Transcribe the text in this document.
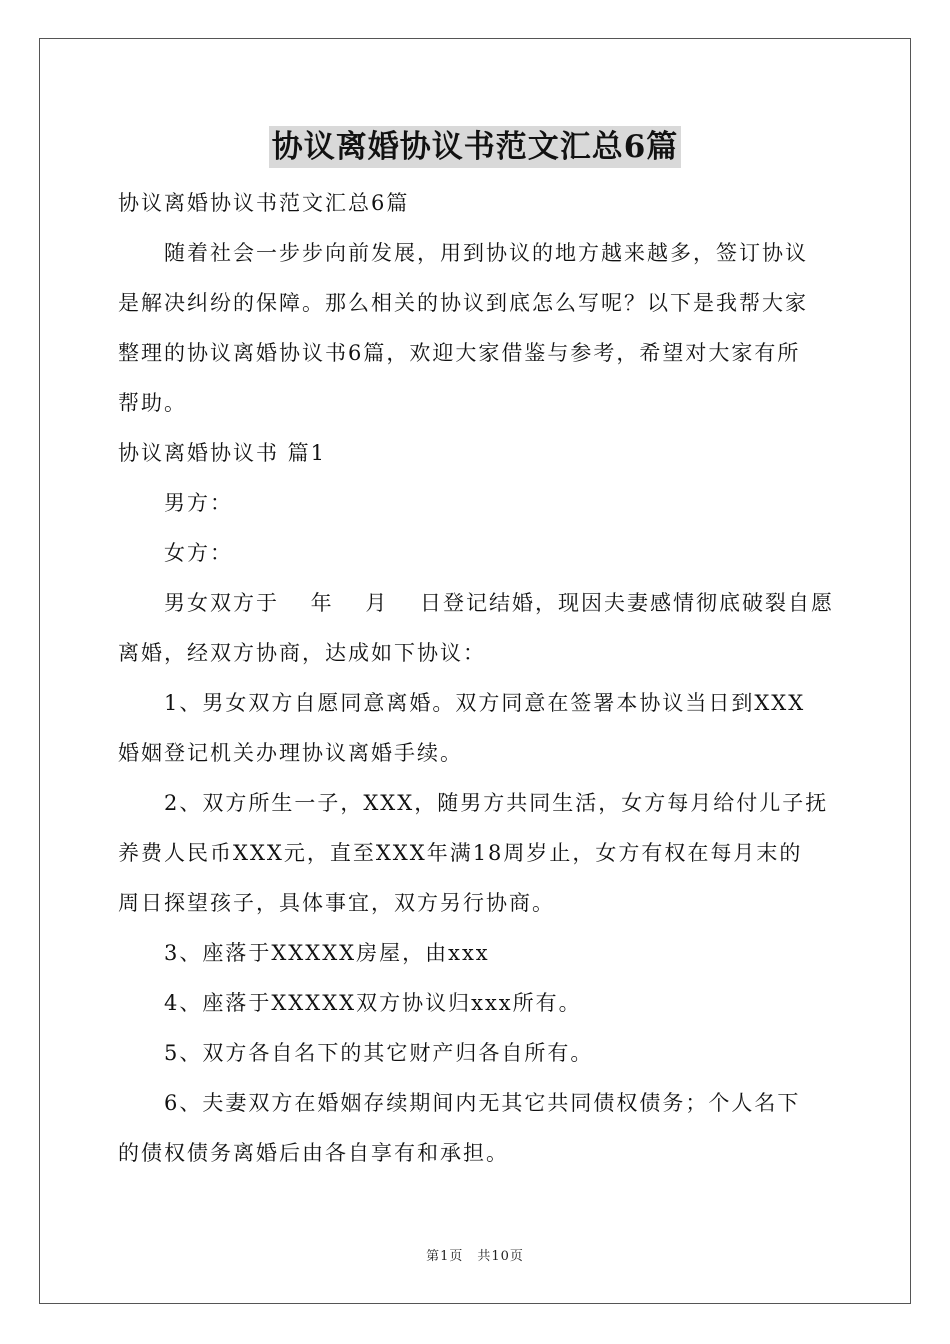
协议离婚协议书范文汇总6篇
协议离婚协议书范文汇总6篇
随着社会一步步向前发展，用到协议的地方越来越多，签订协议
是解决纠纷的保障。那么相关的协议到底怎么写呢？以下是我帮大家
整理的协议离婚协议书6篇，欢迎大家借鉴与参考，希望对大家有所
帮助。
协议离婚协议书 篇1
男方：
女方：
男女双方于　 年　 月　 日登记结婚，现因夫妻感情彻底破裂自愿
离婚，经双方协商，达成如下协议：
1、男女双方自愿同意离婚。双方同意在签署本协议当日到XXX
婚姻登记机关办理协议离婚手续。
2、双方所生一子，XXX，随男方共同生活，女方每月给付儿子抚
养费人民币XXX元，直至XXX年满18周岁止，女方有权在每月末的
周日探望孩子，具体事宜，双方另行协商。
3、座落于XXXXX房屋，由xxx
4、座落于XXXXX双方协议归xxx所有。
5、双方各自名下的其它财产归各自所有。
6、夫妻双方在婚姻存续期间内无其它共同债权债务；个人名下
的债权债务离婚后由各自享有和承担。
第1页　共10页
